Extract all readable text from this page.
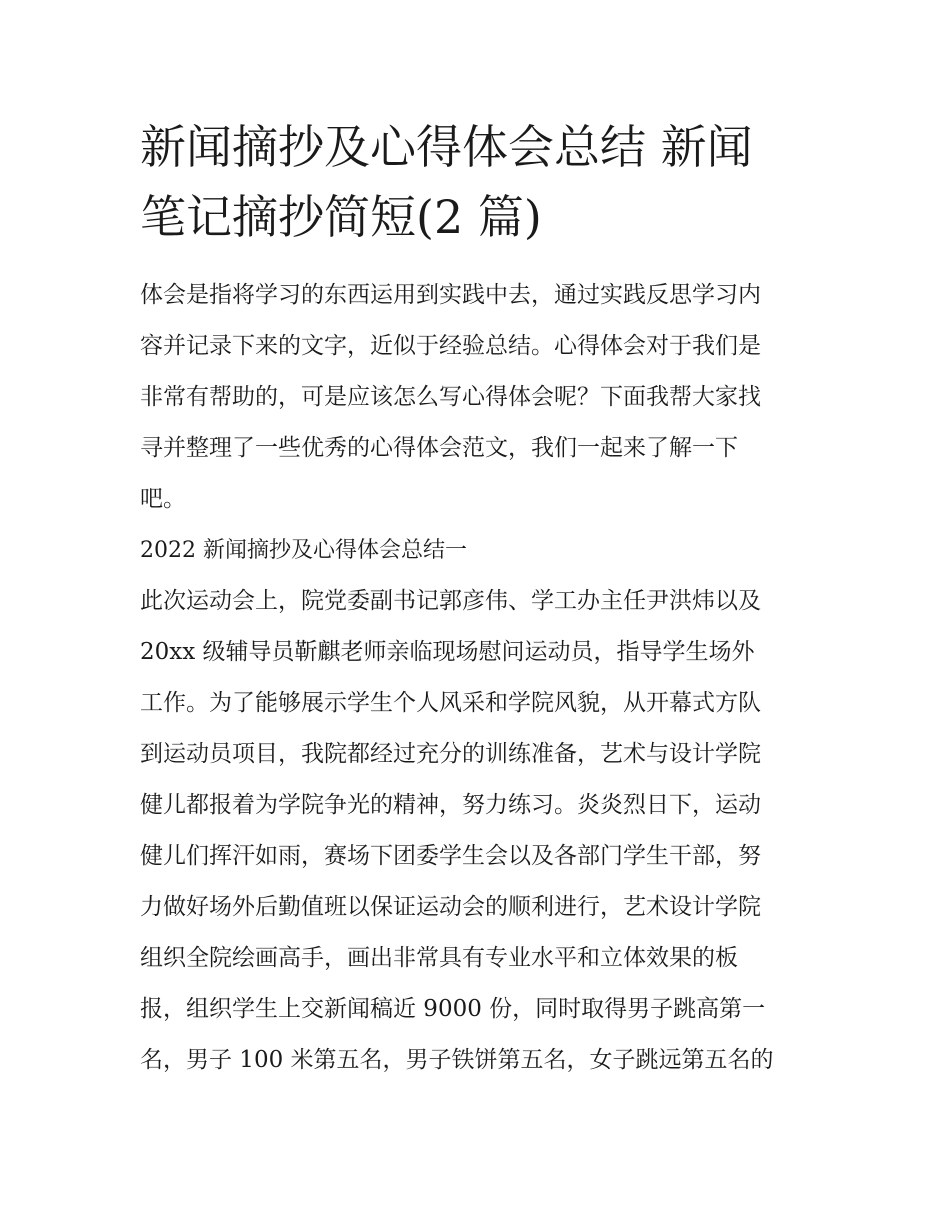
新闻摘抄及心得体会总结 新闻
笔记摘抄简短(2 篇)

体会是指将学习的东西运用到实践中去，通过实践反思学习内
容并记录下来的文字，近似于经验总结。心得体会对于我们是
非常有帮助的，可是应该怎么写心得体会呢？下面我帮大家找
寻并整理了一些优秀的心得体会范文，我们一起来了解一下
吧。

2022 新闻摘抄及心得体会总结一

此次运动会上，院党委副书记郭彦伟、学工办主任尹洪炜以及
20xx 级辅导员靳麒老师亲临现场慰问运动员，指导学生场外
工作。为了能够展示学生个人风采和学院风貌，从开幕式方队
到运动员项目，我院都经过充分的训练准备，艺术与设计学院
健儿都报着为学院争光的精神，努力练习。炎炎烈日下，运动
健儿们挥汗如雨，赛场下团委学生会以及各部门学生干部，努
力做好场外后勤值班以保证运动会的顺利进行，艺术设计学院
组织全院绘画高手，画出非常具有专业水平和立体效果的板
报，组织学生上交新闻稿近 9000 份，同时取得男子跳高第一
名，男子 100 米第五名，男子铁饼第五名，女子跳远第五名的
